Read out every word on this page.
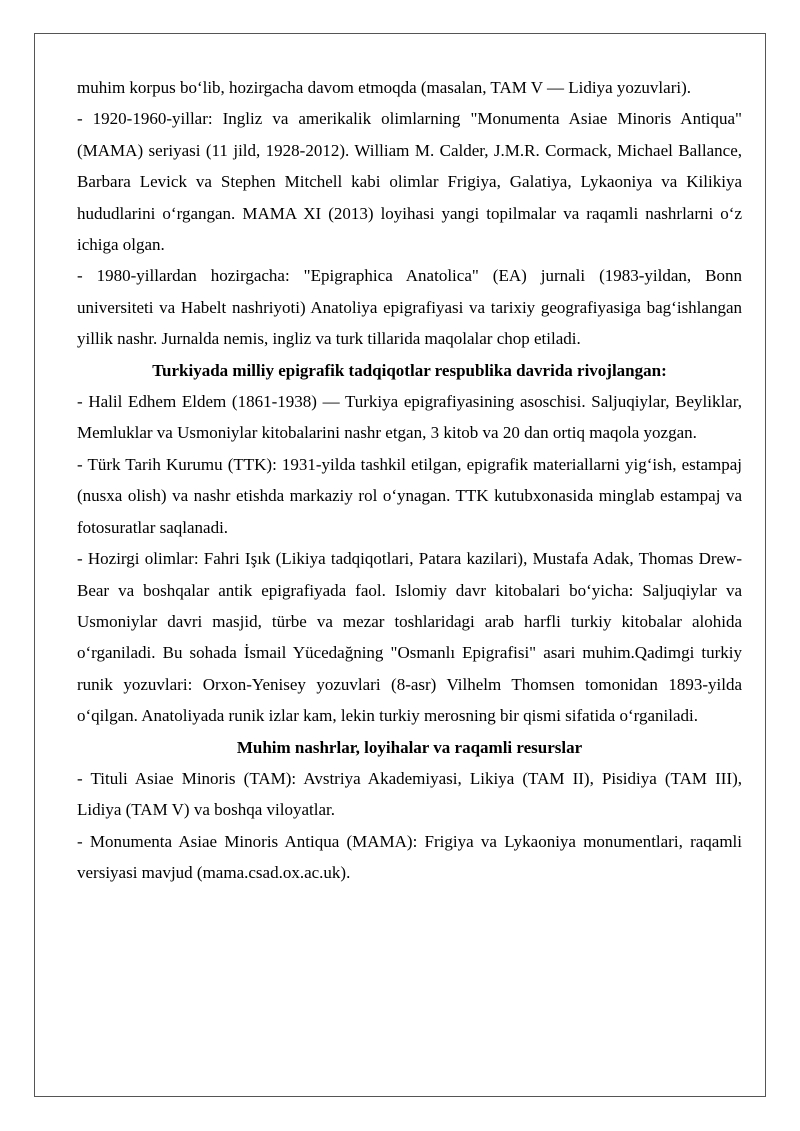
muhim korpus boʻlib, hozirgacha davom etmoqda (masalan, TAM V — Lidiya yozuvlari).

- 1920-1960-yillar: Ingliz va amerikalik olimlarning "Monumenta Asiae Minoris Antiqua" (MAMA) seriyasi (11 jild, 1928-2012). William M. Calder, J.M.R. Cormack, Michael Ballance, Barbara Levick va Stephen Mitchell kabi olimlar Frigiya, Galatiya, Lykaoniya va Kilikiya hududlarini oʻrgangan. MAMA XI (2013) loyihasi yangi topilmalar va raqamli nashrlarni oʻz ichiga olgan.

- 1980-yillardan hozirgacha: "Epigraphica Anatolica" (EA) jurnali (1983-yildan, Bonn universiteti va Habelt nashriyoti) Anatoliya epigrafiyasi va tarixiy geografiyasiga bagʻishlangan yillik nashr. Jurnalda nemis, ingliz va turk tillarida maqolalar chop etiladi.

Turkiyada milliy epigrafik tadqiqotlar respublika davrida rivojlangan:

- Halil Edhem Eldem (1861-1938) — Turkiya epigrafiyasining asoschisi. Saljuqiylar, Beyliklar, Memluklar va Usmoniylar kitobalarini nashr etgan, 3 kitob va 20 dan ortiq maqola yozgan.

- Türk Tarih Kurumu (TTK): 1931-yilda tashkil etilgan, epigrafik materiallarni yigʻish, estampaj (nusxa olish) va nashr etishda markaziy rol oʻynagan. TTK kutubxonasida minglab estampaj va fotosuratlar saqlanadi.

- Hozirgi olimlar: Fahri Işık (Likiya tadqiqotlari, Patara kazilari), Mustafa Adak, Thomas Drew-Bear va boshqalar antik epigrafiyada faol. Islomiy davr kitobalari boʻyicha: Saljuqiylar va Usmoniylar davri masjid, türbe va mezar toshlaridagi arab harfli turkiy kitobalar alohida oʻrganiladi. Bu sohada İsmail Yücedağning "Osmanlı Epigrafisi" asari muhim.Qadimgi turkiy runik yozuvlari: Orxon-Yenisey yozuvlari (8-asr) Vilhelm Thomsen tomonidan 1893-yilda oʻqilgan. Anatoliyada runik izlar kam, lekin turkiy merosning bir qismi sifatida oʻrganiladi.

Muhim nashrlar, loyihalar va raqamli resurslar

- Tituli Asiae Minoris (TAM): Avstriya Akademiyasi, Likiya (TAM II), Pisidiya (TAM III), Lidiya (TAM V) va boshqa viloyatlar.

- Monumenta Asiae Minoris Antiqua (MAMA): Frigiya va Lykaoniya monumentlari, raqamli versiyasi mavjud (mama.csad.ox.ac.uk).
